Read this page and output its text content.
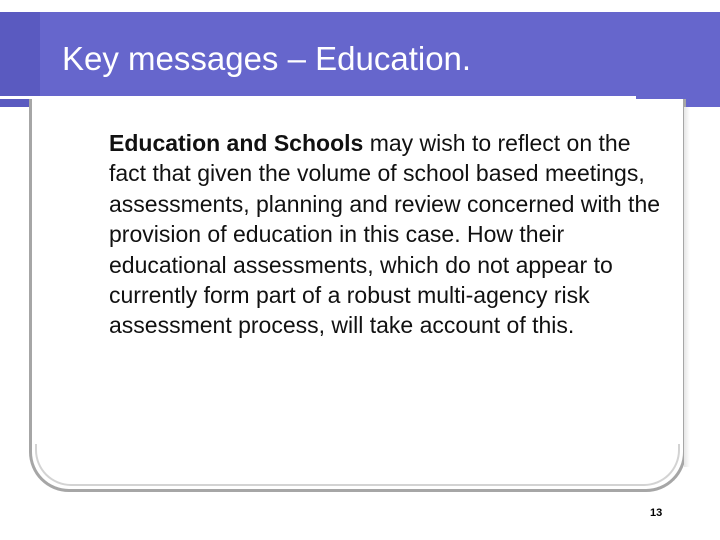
Key messages – Education.

Education and Schools may wish to reflect on the fact that given the volume of school based meetings, assessments, planning and review concerned with the provision of education in this case. How their educational assessments, which do not appear to currently form part of a robust multi-agency risk assessment process, will take account of this.

13
